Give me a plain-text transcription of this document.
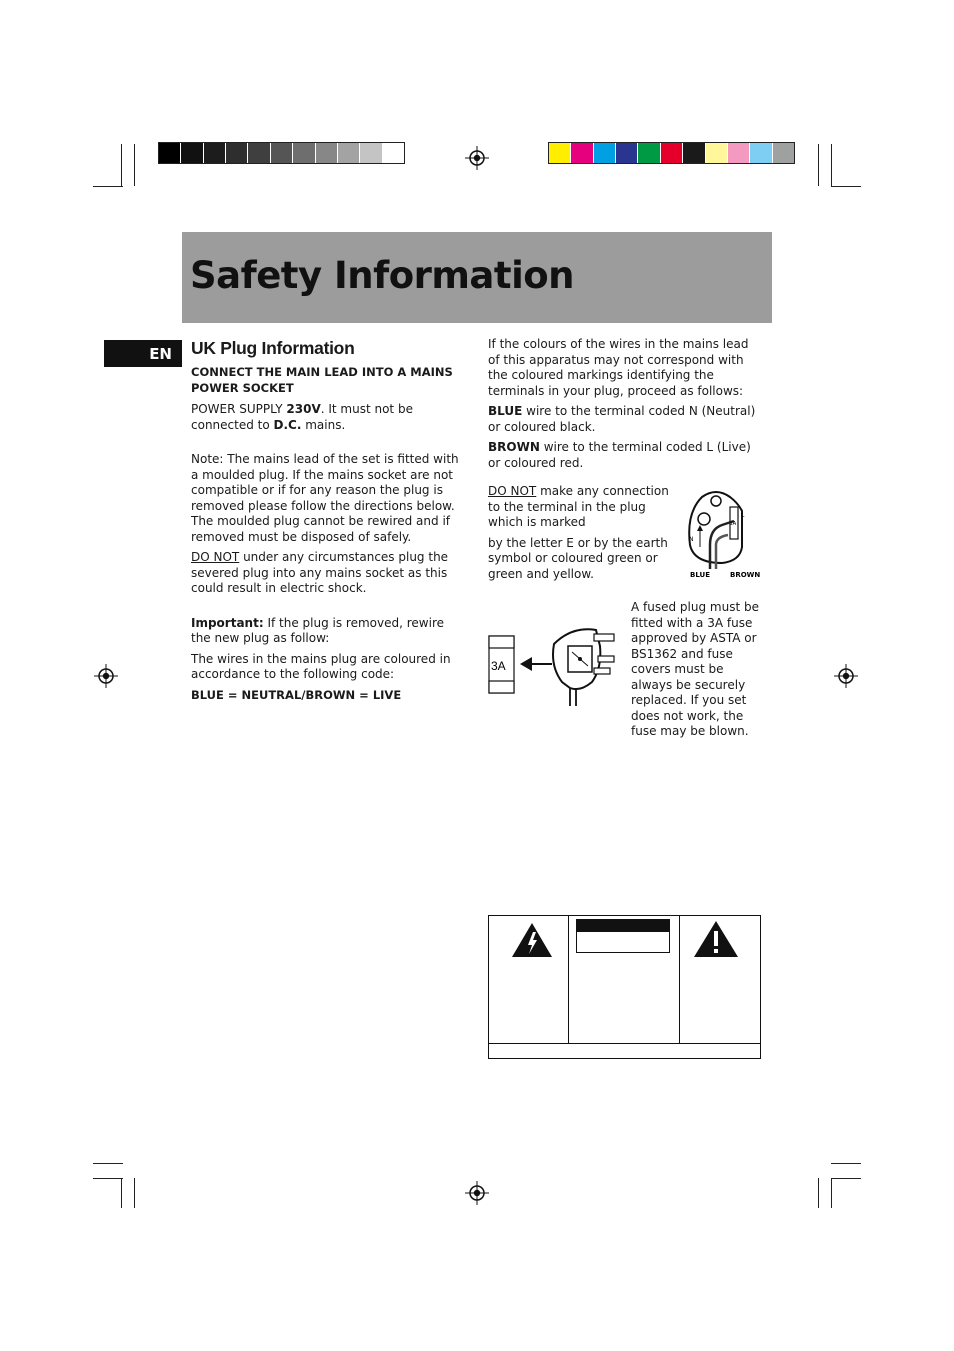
Safety Information
EN	UK Plug Information

CONNECT THE MAIN LEAD INTO A MAINS POWER SOCKET

POWER SUPPLY 230V. It must not be connected to D.C. mains.

Note: The mains lead of the set is fitted with a moulded plug. If the mains socket are not compatible or if for any reason the plug is removed please follow the directions below. The moulded plug cannot be rewired and if removed must be disposed of safely.

DO NOT under any circumstances plug the severed plug into any mains socket as this could result in electric shock.

Important: If the plug is removed, rewire the new plug as follow:

The wires in the mains plug are coloured in accordance to the following code:

BLUE = NEUTRAL/BROWN = LIVE

If the colours of the wires in the mains lead of this apparatus may not correspond with the coloured markings identifying the terminals in your plug, proceed as follows:

BLUE wire to the terminal coded N (Neutral) or coloured black.

BROWN wire to the terminal coded L (Live) or coloured red.

DO NOT make any connection to the terminal in the plug which is marked

by the letter E or by the earth symbol or coloured green or green and yellow.

N
L
3A
BLUE	BROWN
3A
A fused plug must be fitted with a 3A fuse approved by ASTA or BS1362 and fuse covers must be always be securely replaced. If you set does not work, the fuse may be blown.
